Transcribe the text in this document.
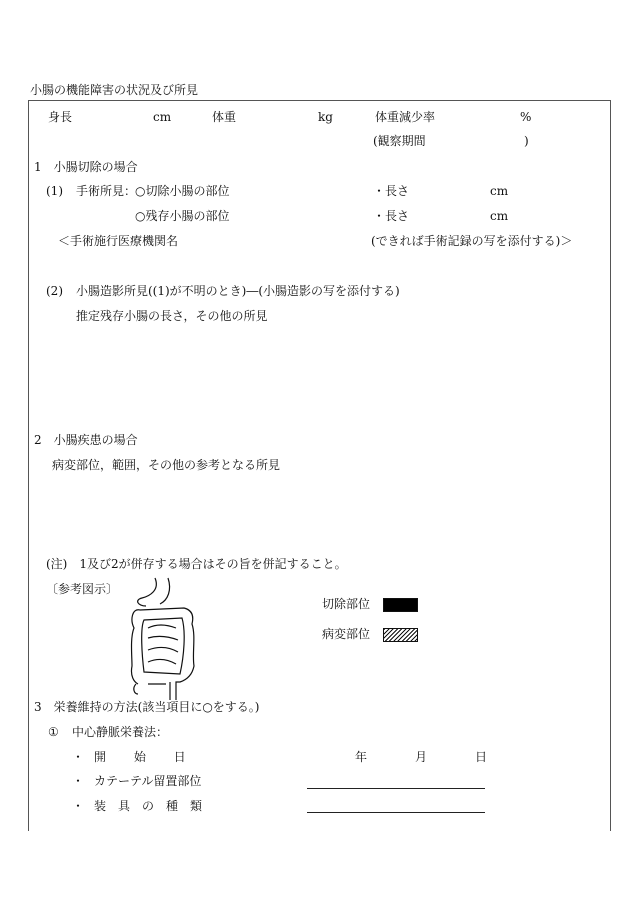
小腸の機能障害の状況及び所見
身長	cm	体重	kg	体重減少率	%
(観察期間	)
1　小腸切除の場合
(1) 手術所見：
○切除小腸の部位	・長さ	cm
○残存小腸の部位	・長さ	cm
＜手術施行医療機関名	(できれば手術記録の写を添付する)＞
(2) 小腸造影所見((1)が不明のとき)―(小腸造影の写を添付する)
推定残存小腸の長さ，その他の所見
2　小腸疾患の場合
病変部位，範囲，その他の参考となる所見
(注)　1及び2が併存する場合はその旨を併記すること。
〔参考図示〕
切除部位
病変部位
3　栄養維持の方法(該当項目に○をする。)
① 中心静脈栄養法：
・ 開　　 始　　 日	年	月	日
・ カテーテル留置部位
・ 装　具　の　種　類
